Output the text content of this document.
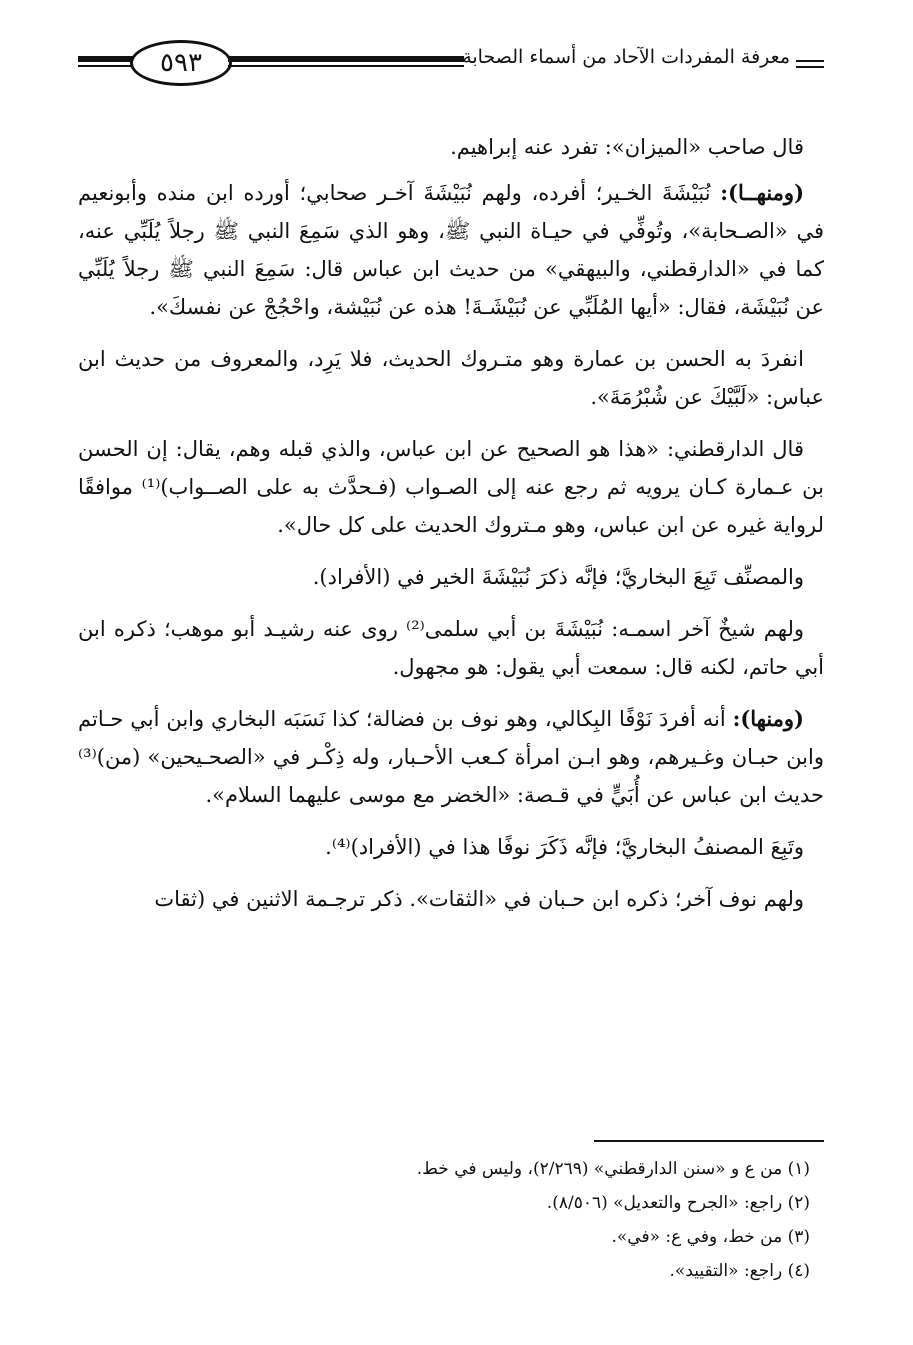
٥٩٣	معرفة المفردات الآحاد من أسماء الصحابة

قال صاحب «الميزان»: تفرد عنه إبراهيم.

(ومنهــا): نُبَيْشَةَ الخـير؛ أفرده، ولهم نُبَيْشَةَ آخـر صحابي؛ أورده ابن منده وأبونعيم في «الصـحابة»، وتُوفِّي في حيـاة النبي ﷺ، وهو الذي سَمِعَ النبي ﷺ رجلاً يُلَبِّي عنه، كما في «الدارقطني، والبيهقي» من حديث ابن عباس قال: سَمِعَ النبي ﷺ رجلاً يُلَبِّي عن نُبَيْشَة، فقال: «أيها المُلَبِّي عن نُبَيْشَـةَ! هذه عن نُبَيْشة، واحْجُجْ عن نفسكَ».

انفردَ به الحسن بن عمارة وهو متـروك الحديث، فلا يَرِد، والمعروف من حديث ابن عباس: «لَبَّيْكَ عن شُبْرُمَةَ».

قال الدارقطني: «هذا هو الصحيح عن ابن عباس، والذي قبله وهم، يقال: إن الحسن بن عـمارة كـان يرويه ثم رجع عنه إلى الصـواب (فـحدَّث به على الصــواب)⁽¹⁾ موافقًا لرواية غيره عن ابن عباس، وهو مـتروك الحديث على كل حال».

والمصنِّف تَبِعَ البخاريَّ؛ فإنَّه ذكرَ نُبَيْشَةَ الخير في (الأفراد).

ولهم شيخٌ آخر اسمـه: نُبَيْشَةَ بن أبي سلمى⁽²⁾ روى عنه رشيـد أبو موهب؛ ذكره ابن أبي حاتم، لكنه قال: سمعت أبي يقول: هو مجهول.

(ومنها): أنه أفردَ نَوْفًا البِكالي، وهو نوف بن فضالة؛ كذا نَسَبَه البخاري وابن أبي حـاتم وابن حبـان وغـيرهم، وهو ابـن امرأة كـعب الأحـبار، وله ذِكْـر في «الصحـيحين» (من)⁽³⁾ حديث ابن عباس عن أُبَيٍّ في قـصة: «الخضر مع موسى عليهما السلام».

وتَبِعَ المصنفُ البخاريَّ؛ فإنَّه ذَكَرَ نوفًا هذا في (الأفراد)⁽⁴⁾.

ولهم نوف آخر؛ ذكره ابن حـبان في «الثقات». ذكر ترجـمة الاثنين في (ثقات

(١) من ع و «سنن الدارقطني» (٢/٢٦٩)، وليس في خط.
(٢) راجع: «الجرح والتعديل» (٨/٥٠٦).
(٣) من خط، وفي ع: «في».
(٤) راجع: «التقييد».
